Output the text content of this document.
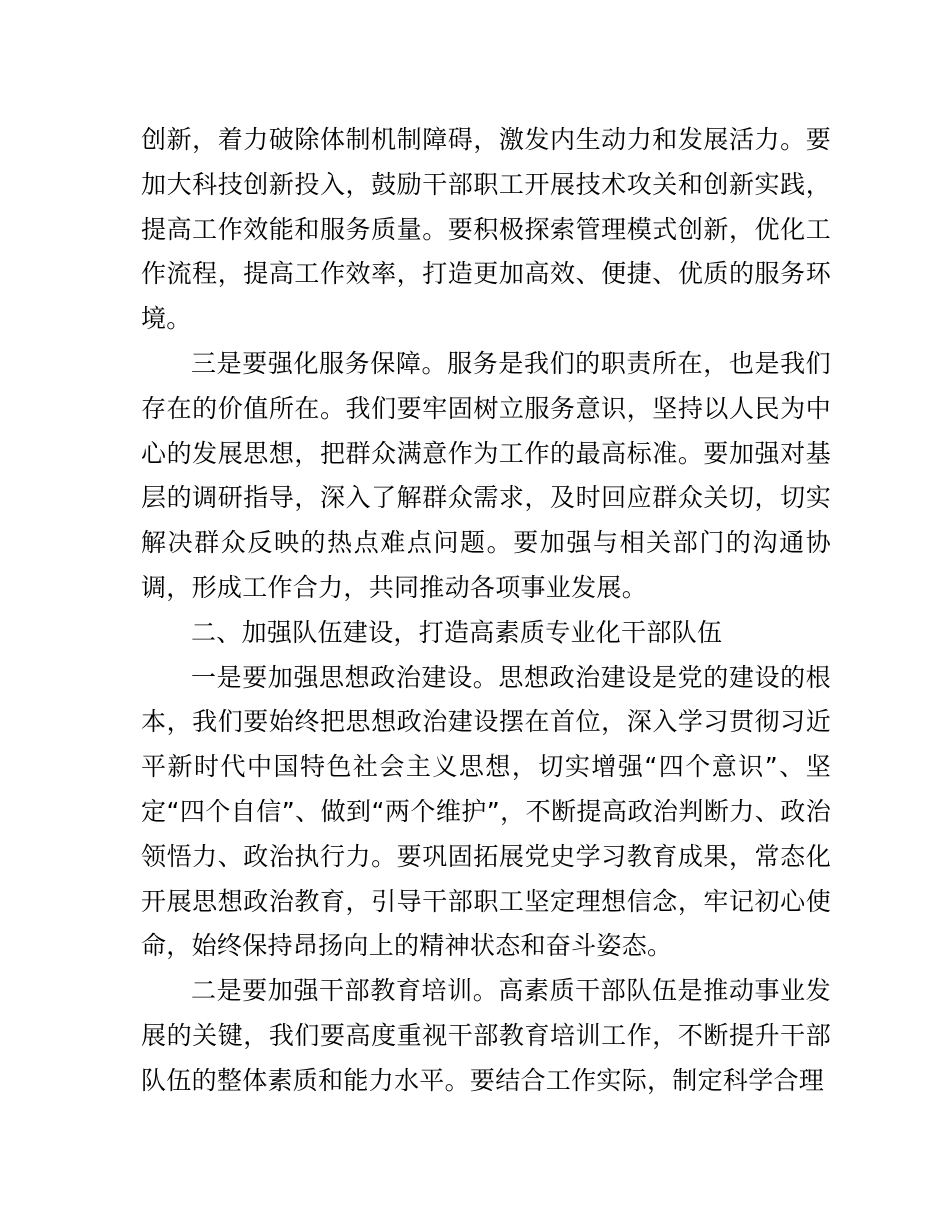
创新，着力破除体制机制障碍，激发内生动力和发展活力。要加大科技创新投入，鼓励干部职工开展技术攻关和创新实践，提高工作效能和服务质量。要积极探索管理模式创新，优化工作流程，提高工作效率，打造更加高效、便捷、优质的服务环境。

三是要强化服务保障。服务是我们的职责所在，也是我们存在的价值所在。我们要牢固树立服务意识，坚持以人民为中心的发展思想，把群众满意作为工作的最高标准。要加强对基层的调研指导，深入了解群众需求，及时回应群众关切，切实解决群众反映的热点难点问题。要加强与相关部门的沟通协调，形成工作合力，共同推动各项事业发展。

二、加强队伍建设，打造高素质专业化干部队伍

一是要加强思想政治建设。思想政治建设是党的建设的根本，我们要始终把思想政治建设摆在首位，深入学习贯彻习近平新时代中国特色社会主义思想，切实增强“四个意识”、坚定“四个自信”、做到“两个维护”，不断提高政治判断力、政治领悟力、政治执行力。要巩固拓展党史学习教育成果，常态化开展思想政治教育，引导干部职工坚定理想信念，牢记初心使命，始终保持昂扬向上的精神状态和奋斗姿态。

二是要加强干部教育培训。高素质干部队伍是推动事业发展的关键，我们要高度重视干部教育培训工作，不断提升干部队伍的整体素质和能力水平。要结合工作实际，制定科学合理
